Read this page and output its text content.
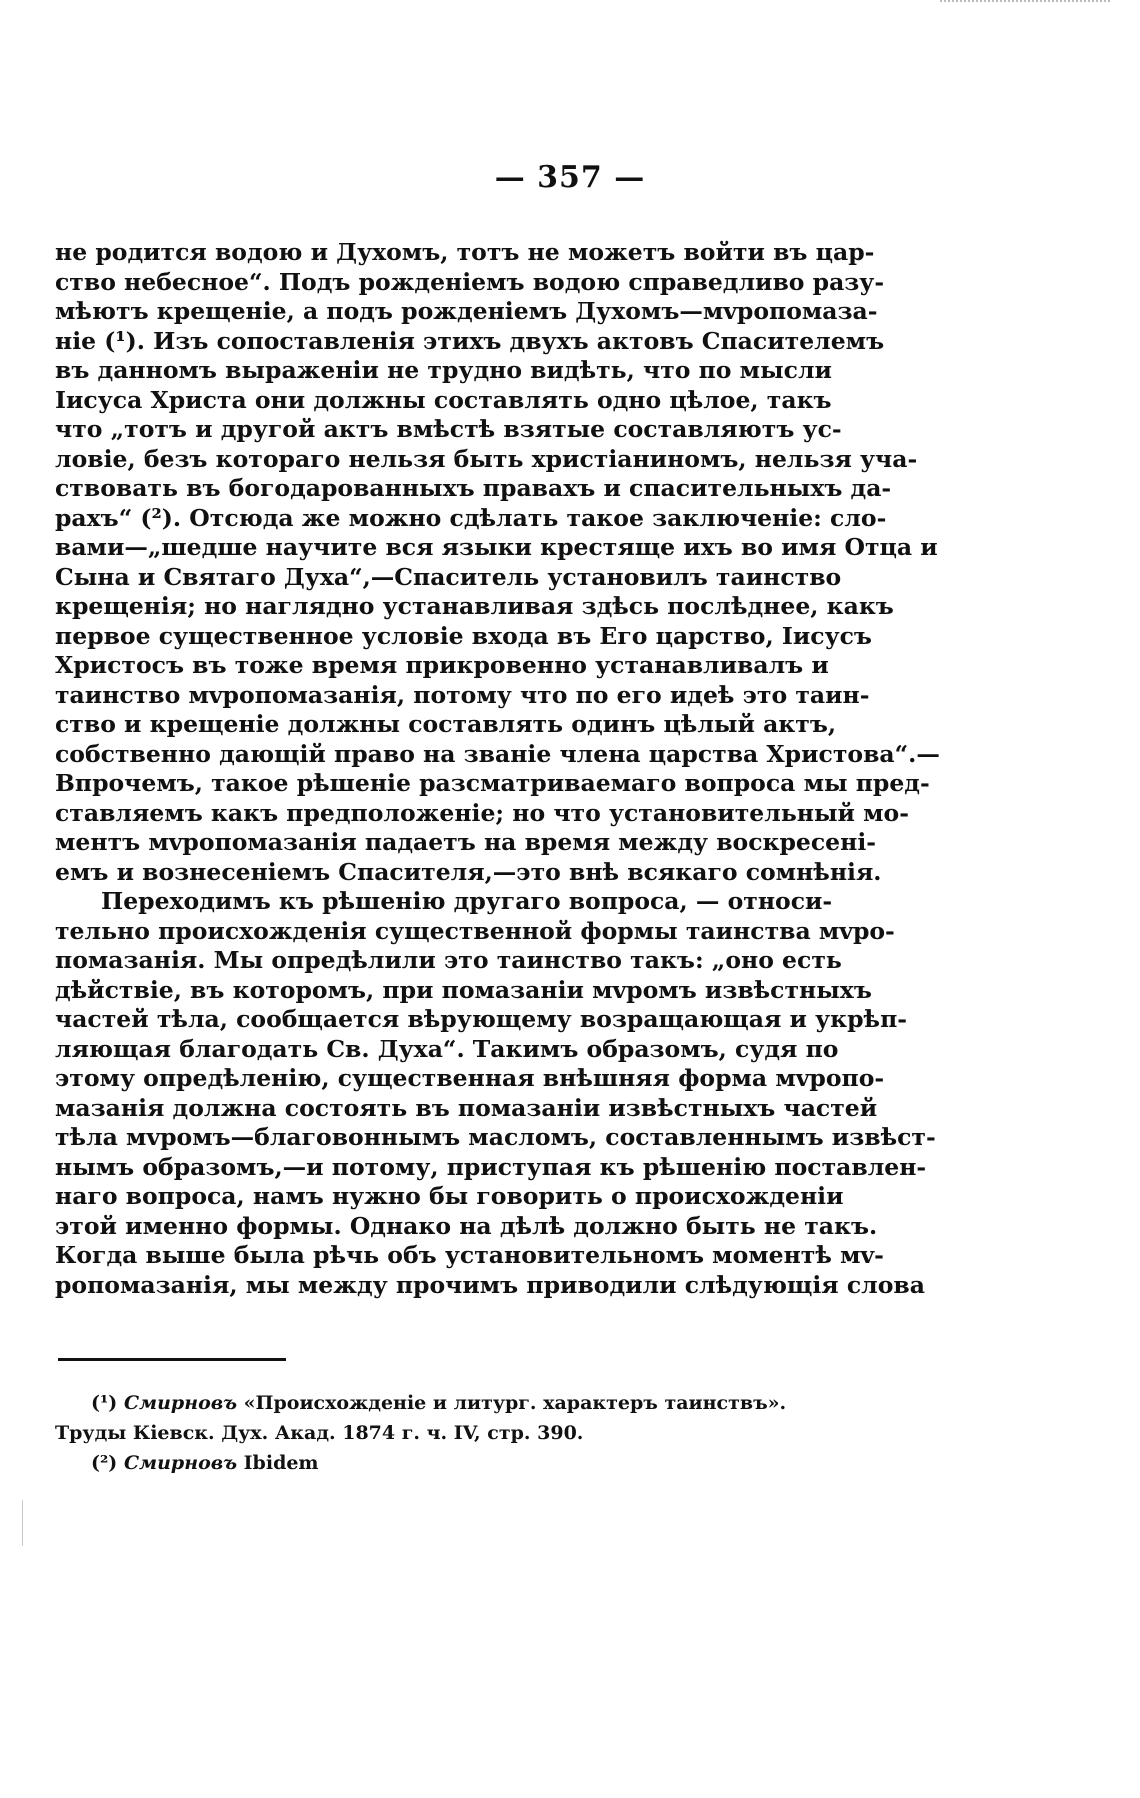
— 357 —
не родится водою и Духомъ, тотъ не можетъ войти въ цар-
ство небесное“. Подъ рожденіемъ водою справедливо разу-
мѣютъ крещеніе, а подъ рожденіемъ Духомъ—мvропомаза-
ніе (¹). Изъ сопоставленія этихъ двухъ актовъ Спасителемъ
въ данномъ выраженіи не трудно видѣть, что по мысли
Іисуса Христа они должны составлять одно цѣлое, такъ
что „тотъ и другой актъ вмѣстѣ взятые составляютъ ус-
ловіе, безъ котораго нельзя быть христіаниномъ, нельзя уча-
ствовать въ богодарованныхъ правахъ и спасительныхъ да-
рахъ“ (²). Отсюда же можно сдѣлать такое заключеніе: сло-
вами—„шедше научите вся языки крестяще ихъ во имя Отца и
Сына и Святаго Духа“,—Спаситель установилъ таинство
крещенія; но наглядно устанавливая здѣсь послѣднее, какъ
первое существенное условіе входа въ Его царство, Іисусъ
Христосъ въ тоже время прикровенно устанавливалъ и
таинство мvропомазанія, потому что по его идеѣ это таин-
ство и крещеніе должны составлять одинъ цѣлый актъ,
собственно дающій право на званіе члена царства Христова“.—
Впрочемъ, такое рѣшеніе разсматриваемаго вопроса мы пред-
ставляемъ какъ предположеніе; но что установительный мо-
ментъ мvропомазанія падаетъ на время между воскресені-
емъ и вознесеніемъ Спасителя,—это внѣ всякаго сомнѣнія.
Переходимъ къ рѣшенію другаго вопроса, — относи-
тельно происхожденія существенной формы таинства мvро-
помазанія. Мы опредѣлили это таинство такъ: „оно есть
дѣйствіе, въ которомъ, при помазаніи мvромъ извѣстныхъ
частей тѣла, сообщается вѣрующему возращающая и укрѣп-
ляющая благодать Св. Духа“. Такимъ образомъ, судя по
этому опредѣленію, существенная внѣшняя форма мvропо-
мазанія должна состоять въ помазаніи извѣстныхъ частей
тѣла мvромъ—благовоннымъ масломъ, составленнымъ извѣст-
нымъ образомъ,—и потому, приступая къ рѣшенію поставлен-
наго вопроса, намъ нужно бы говорить о происхожденіи
этой именно формы. Однако на дѣлѣ должно быть не такъ.
Когда выше была рѣчь объ установительномъ моментѣ мv-
ропомазанія, мы между прочимъ приводили слѣдующія слова
(¹) Смирновъ «Происхожденіе и литург. характеръ таинствъ».
Труды Кіевск. Дух. Акад. 1874 г. ч. IV, стр. 390.
(²) Смирновъ Ibidem
